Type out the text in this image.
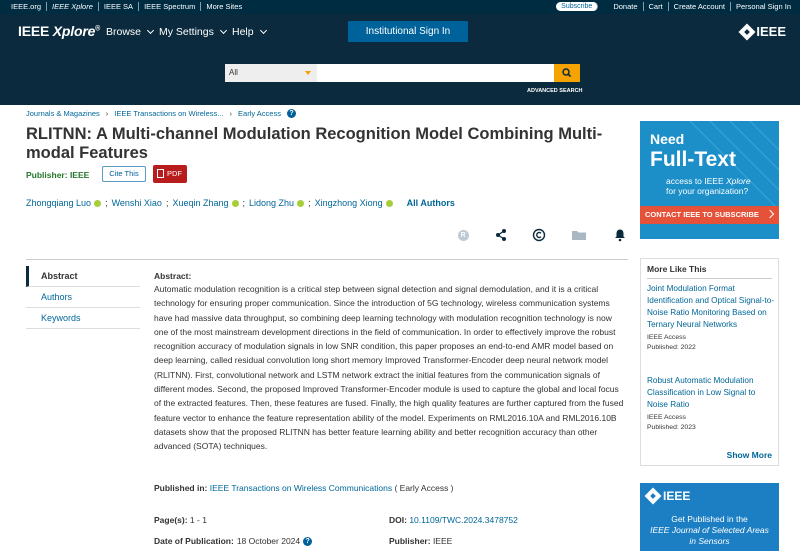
IEEE.org	IEEE Xplore	IEEE SA	IEEE Spectrum	More Sites	Subscribe	Donate	Cart	Create Account	Personal Sign In
IEEE Xplore® Browse My Settings Help	Institutional Sign In	IEEE
All
ADVANCED SEARCH
Journals & Magazines › IEEE Transactions on Wireless... › Early Access	?
RLITNN: A Multi-channel Modulation Recognition Model Combining Multi-modal Features
Publisher: IEEE	Cite This	PDF
Zhongqiang Luo ; Wenshi Xiao ; Xueqin Zhang ; Lidong Zhu ; Xingzhong Xiong	All Authors
R
Abstract
Authors
Keywords
Abstract:
Automatic modulation recognition is a critical step between signal detection and signal demodulation, and it is a critical technology for ensuring proper communication. Since the introduction of 5G technology, wireless communication systems have had massive data throughput, so combining deep learning technology with modulation recognition technology is now one of the most mainstream development directions in the field of communication. In order to effectively improve the robust recognition accuracy of modulation signals in low SNR condition, this paper proposes an end-to-end AMR model based on deep learning, called residual convolution long short memory Improved Transformer-Encoder deep neural network model (RLITNN). First, convolutional network and LSTM network extract the initial features from the communication signals of different modes. Second, the proposed Improved Transformer-Encoder module is used to capture the global and local focus of the extracted features. Then, these features are fused. Finally, the high quality features are further captured from the fused feature vector to enhance the feature representation ability of the model. Experiments on RML2016.10A and RML2016.10B datasets show that the proposed RLITNN has better feature learning ability and better recognition accuracy than other advanced (SOTA) techniques.
Published in: IEEE Transactions on Wireless Communications ( Early Access )
Page(s): 1 - 1	DOI: 10.1109/TWC.2024.3478752
Date of Publication: 18 October 2024 ?	Publisher: IEEE
Need
Full-Text
access to IEEE Xplore
for your organization?
CONTACT IEEE TO SUBSCRIBE
More Like This
Joint Modulation Format Identification and Optical Signal-to-Noise Ratio Monitoring Based on Ternary Neural Networks
IEEE Access
Published: 2022
Robust Automatic Modulation Classification in Low Signal to Noise Ratio
IEEE Access
Published: 2023
Show More
IEEE
Get Published in the
IEEE Journal of Selected Areas
in Sensors
